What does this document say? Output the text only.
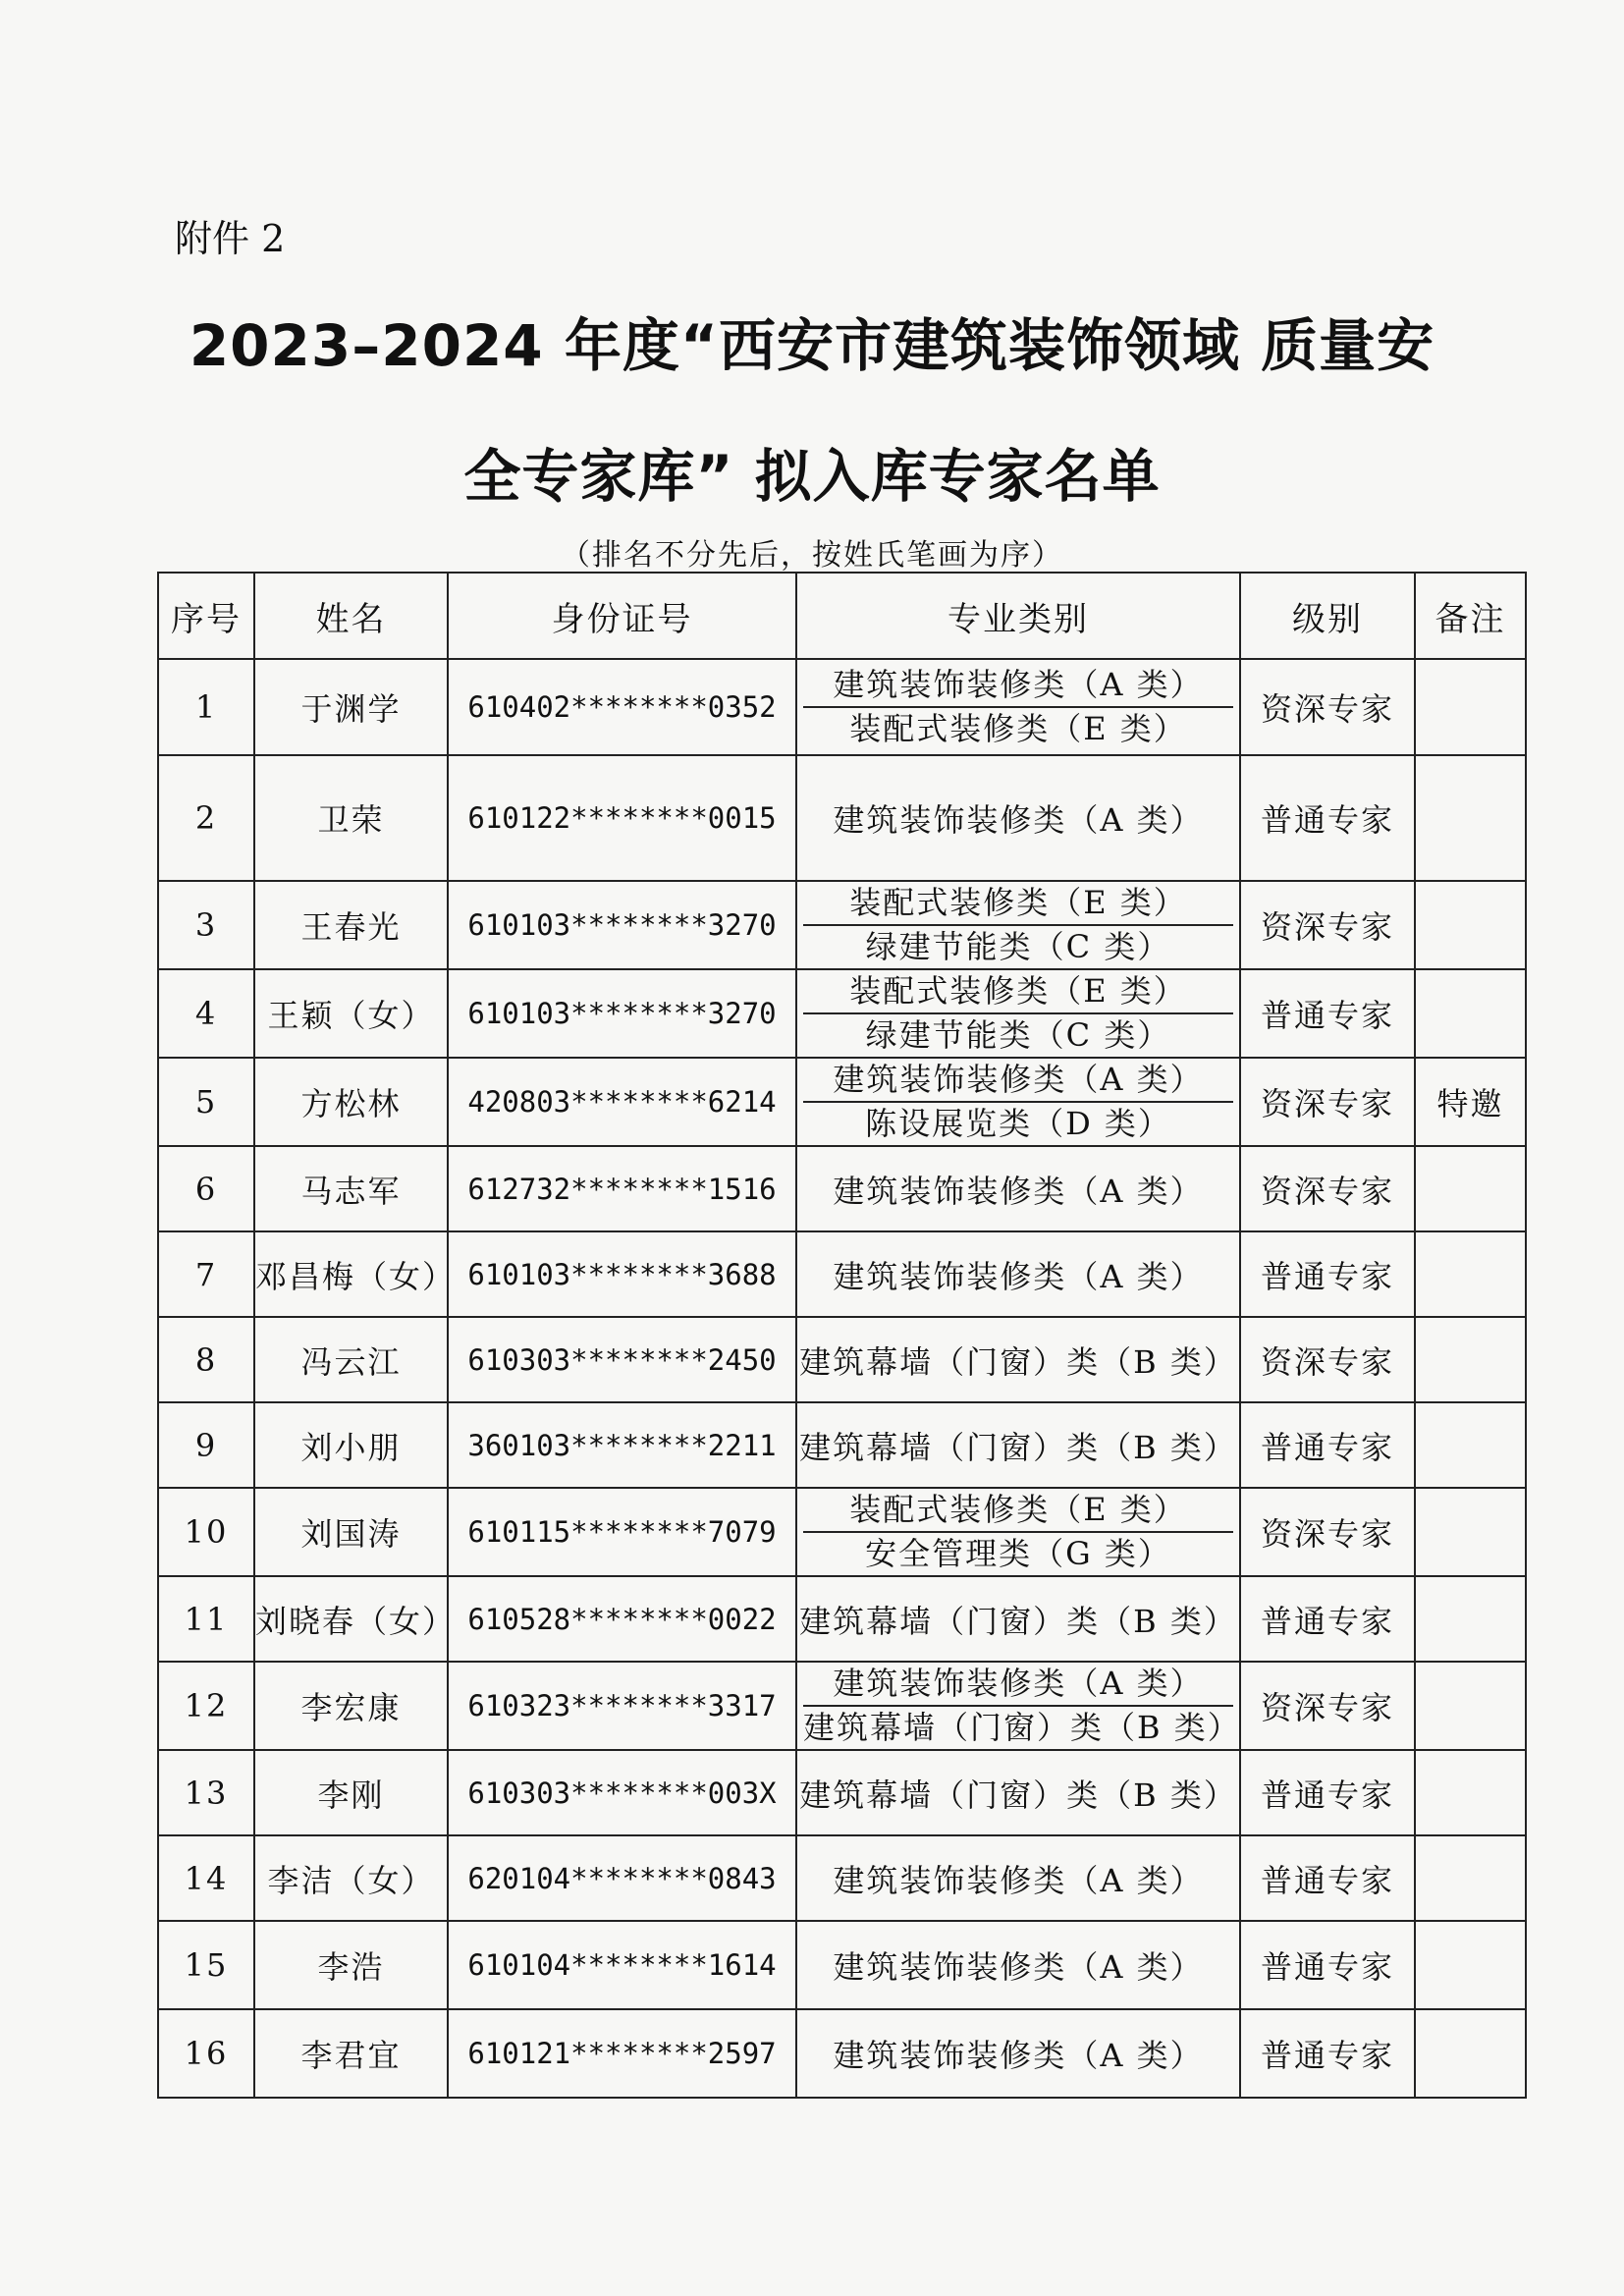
附件 2
2023–2024 年度“西安市建筑装饰领域 质量安
全专家库” 拟入库专家名单
（排名不分先后，按姓氏笔画为序）
序号	姓名	身份证号	专业类别	级别	备注
1	于渊学	610402********0352	建筑装饰装修类（A 类）
装配式装修类（E 类）	资深专家	
2	卫荣	610122********0015	建筑装饰装修类（A 类）	普通专家	
3	王春光	610103********3270	装配式装修类（E 类）
绿建节能类（C 类）	资深专家	
4	王颖（女）	610103********3270	装配式装修类（E 类）
绿建节能类（C 类）	普通专家	
5	方松林	420803********6214	建筑装饰装修类（A 类）
陈设展览类（D 类）	资深专家	特邀
6	马志军	612732********1516	建筑装饰装修类（A 类）	资深专家	
7	邓昌梅（女）	610103********3688	建筑装饰装修类（A 类）	普通专家	
8	冯云江	610303********2450	建筑幕墙（门窗）类（B 类）	资深专家	
9	刘小朋	360103********2211	建筑幕墙（门窗）类（B 类）	普通专家	
10	刘国涛	610115********7079	装配式装修类（E 类）
安全管理类（G 类）	资深专家	
11	刘晓春（女）	610528********0022	建筑幕墙（门窗）类（B 类）	普通专家	
12	李宏康	610323********3317	建筑装饰装修类（A 类）
建筑幕墙（门窗）类（B 类）	资深专家	
13	李刚	610303********003X	建筑幕墙（门窗）类（B 类）	普通专家	
14	李洁（女）	620104********0843	建筑装饰装修类（A 类）	普通专家	
15	李浩	610104********1614	建筑装饰装修类（A 类）	普通专家	
16	李君宜	610121********2597	建筑装饰装修类（A 类）	普通专家	
